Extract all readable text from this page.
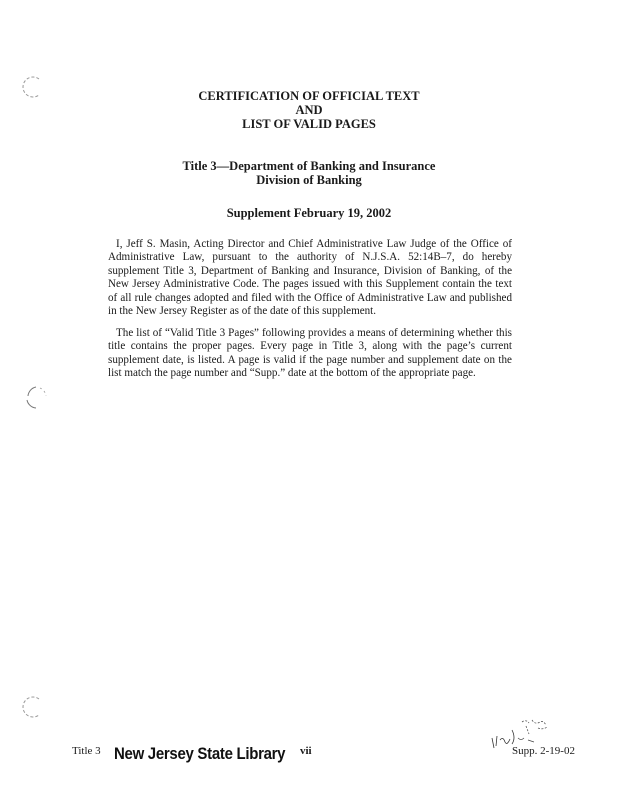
CERTIFICATION OF OFFICIAL TEXT
AND
LIST OF VALID PAGES
Title 3—Department of Banking and Insurance
Division of Banking
Supplement February 19, 2002

I, Jeff S. Masin, Acting Director and Chief Administrative Law Judge of the Office of Administrative Law, pursuant to the authority of N.J.S.A. 52:14B–7, do hereby supplement Title 3, Department of Banking and Insurance, Division of Banking, of the New Jersey Administrative Code. The pages issued with this Supplement contain the text of all rule changes adopted and filed with the Office of Administrative Law and published in the New Jersey Register as of the date of this supplement.

The list of “Valid Title 3 Pages” following provides a means of determining whether this title contains the proper pages. Every page in Title 3, along with the page’s current supplement date, is listed. A page is valid if the page number and supplement date on the list match the page number and “Supp.” date at the bottom of the appropriate page.

Title 3 New Jersey State Library vii	Supp. 2-19-02
